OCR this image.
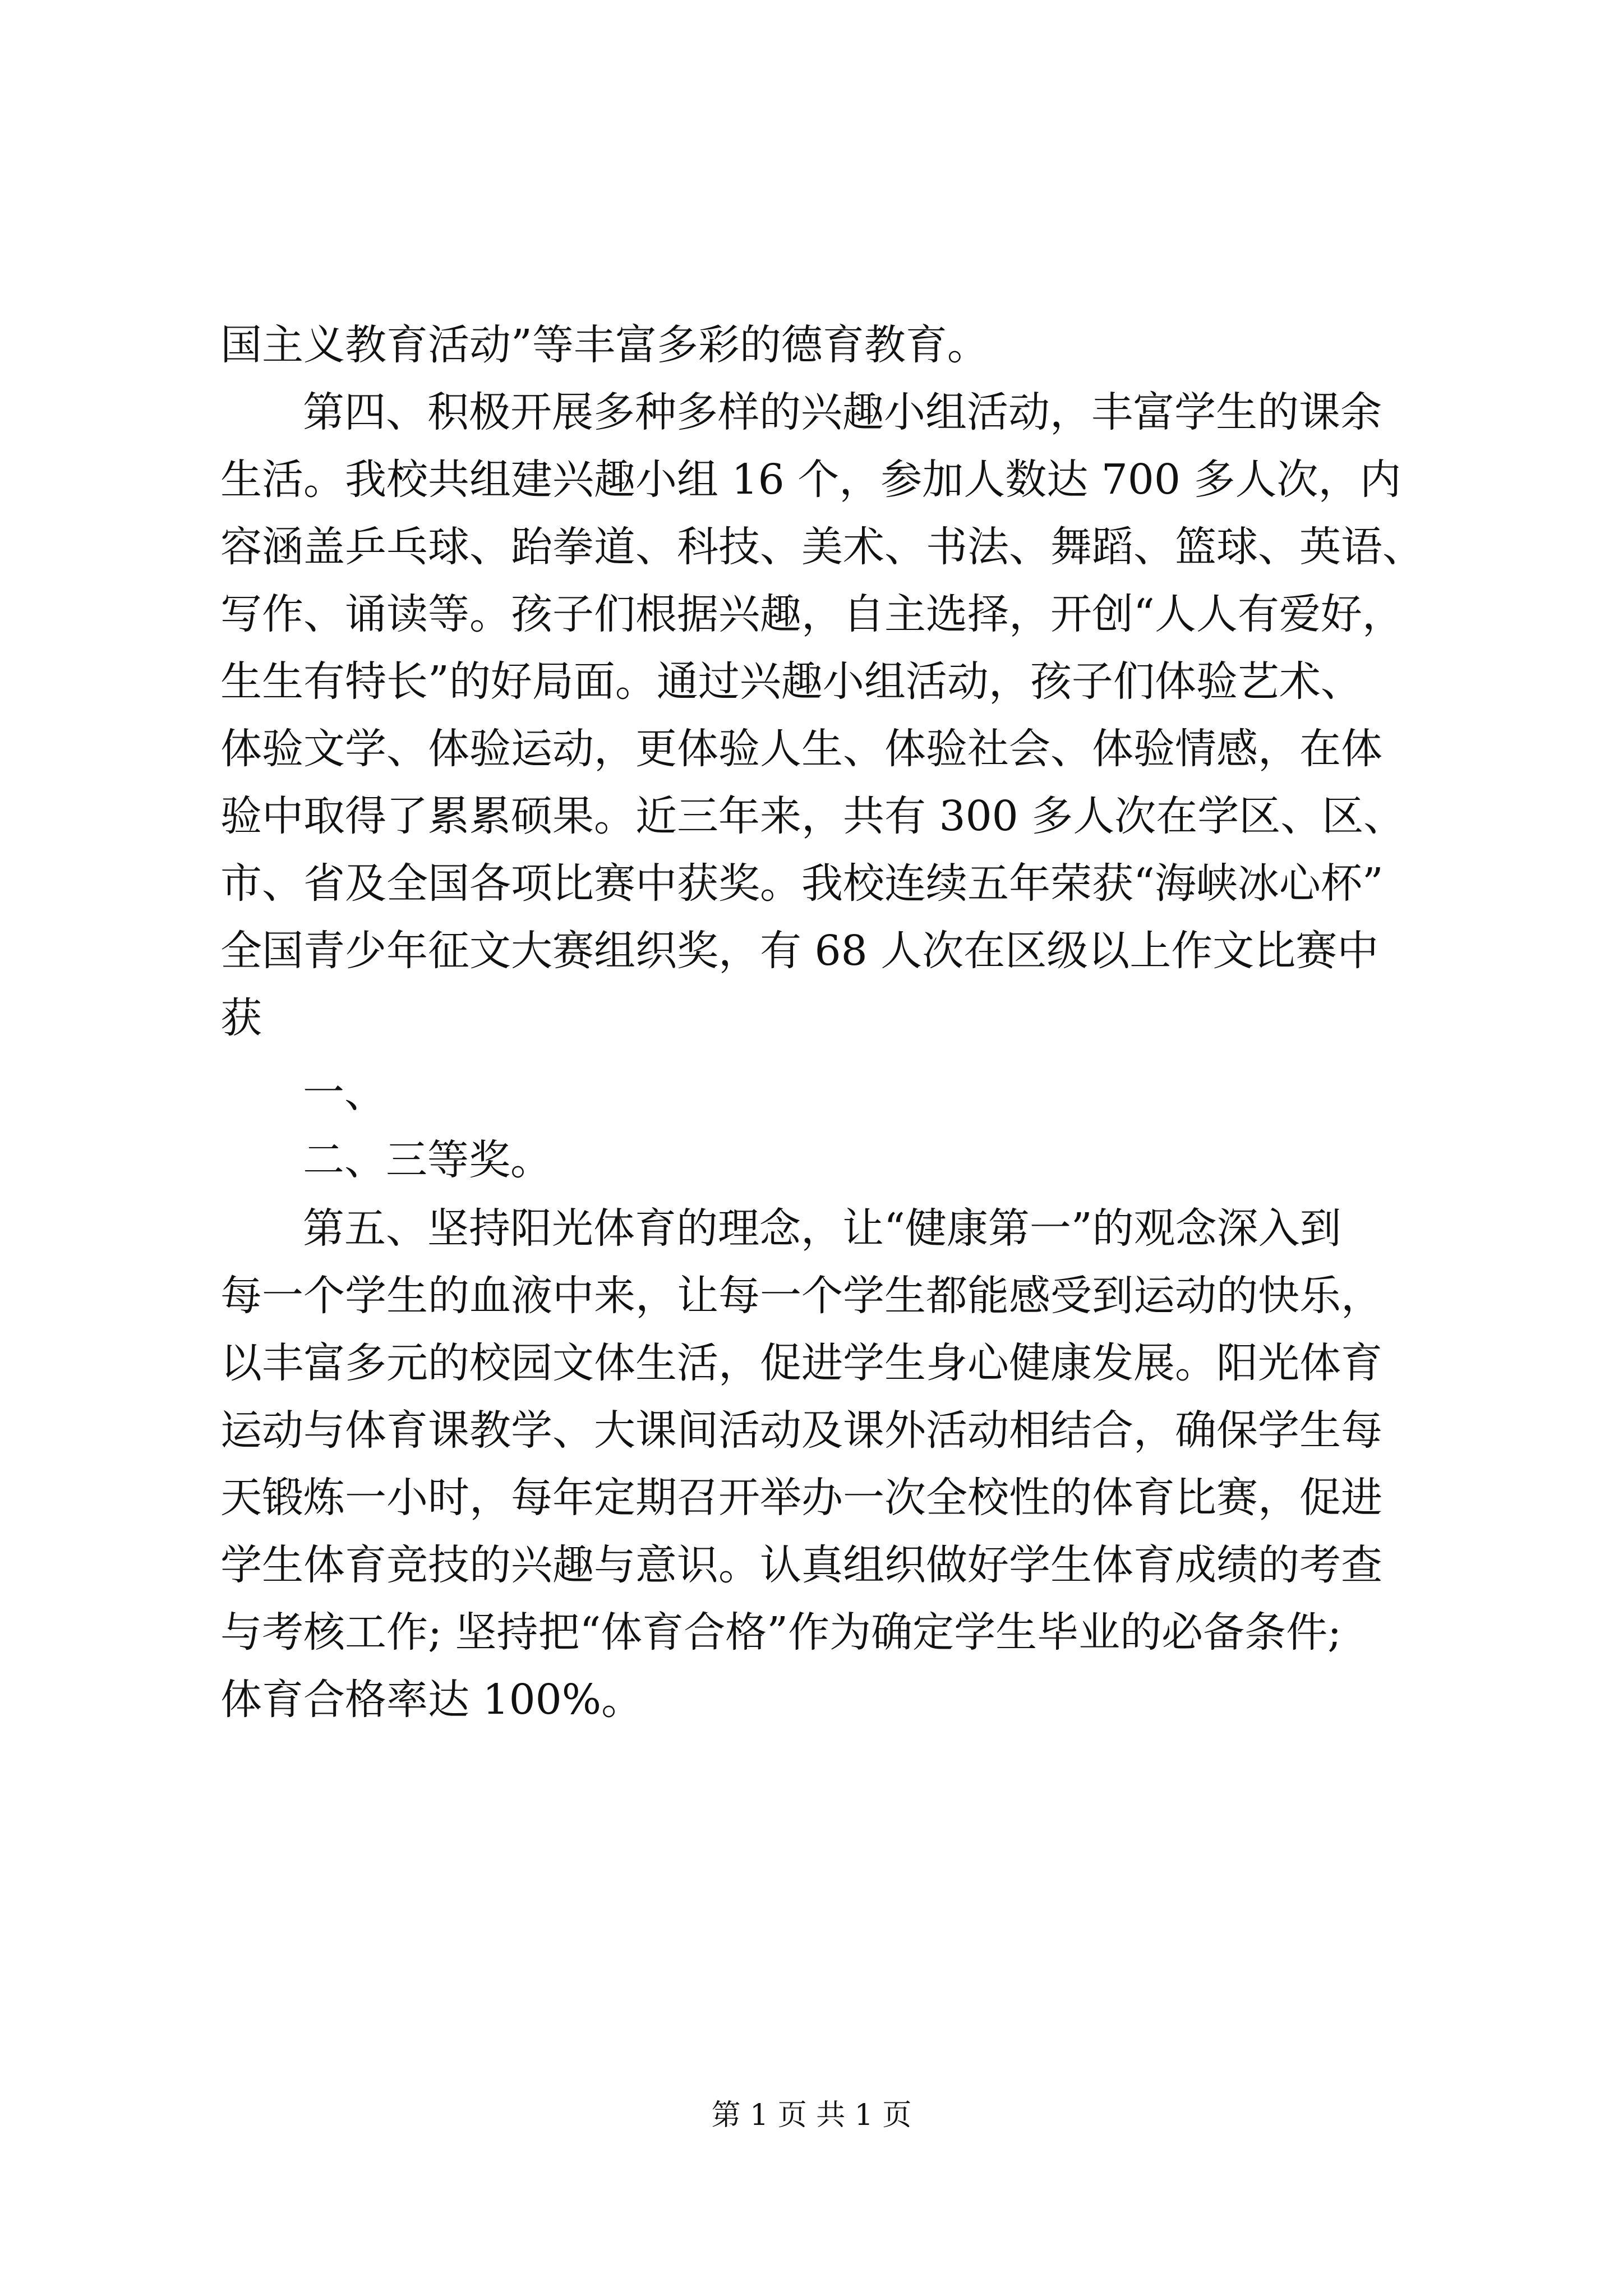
国主义教育活动”等丰富多彩的德育教育。
第四、积极开展多种多样的兴趣小组活动，丰富学生的课余
生活。我校共组建兴趣小组 16 个，参加人数达 700 多人次，内
容涵盖乒乓球、跆拳道、科技、美术、书法、舞蹈、篮球、英语、
写作、诵读等。孩子们根据兴趣，自主选择，开创“人人有爱好，
生生有特长”的好局面。通过兴趣小组活动，孩子们体验艺术、
体验文学、体验运动，更体验人生、体验社会、体验情感，在体
验中取得了累累硕果。近三年来，共有 300 多人次在学区、区、
市、省及全国各项比赛中获奖。我校连续五年荣获“海峡冰心杯”
全国青少年征文大赛组织奖，有 68 人次在区级以上作文比赛中
获
一、
二、三等奖。
第五、坚持阳光体育的理念，让“健康第一”的观念深入到
每一个学生的血液中来，让每一个学生都能感受到运动的快乐，
以丰富多元的校园文体生活，促进学生身心健康发展。阳光体育
运动与体育课教学、大课间活动及课外活动相结合，确保学生每
天锻炼一小时，每年定期召开举办一次全校性的体育比赛，促进
学生体育竞技的兴趣与意识。认真组织做好学生体育成绩的考查
与考核工作; 坚持把“体育合格”作为确定学生毕业的必备条件;
体育合格率达 100%。
第 1 页 共 1 页
